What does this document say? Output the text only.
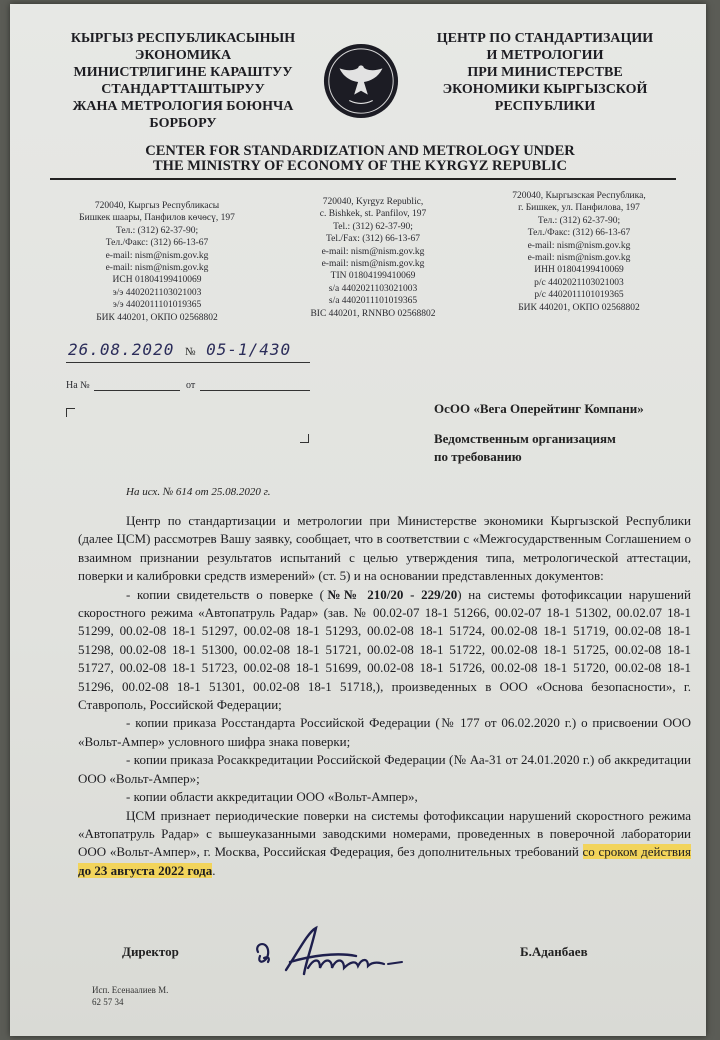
КЫРГЫЗ РЕСПУБЛИКАСЫНЫН
ЭКОНОМИКА
МИНИСТРЛИГИНЕ КАРАШТУУ
СТАНДАРТТАШТЫРУУ
ЖАНА МЕТРОЛОГИЯ БОЮНЧА
БОРБОРУ
ЦЕНТР ПО СТАНДАРТИЗАЦИИ
И МЕТРОЛОГИИ
ПРИ МИНИСТЕРСТВЕ
ЭКОНОМИКИ КЫРГЫЗСКОЙ
РЕСПУБЛИКИ
CENTER FOR STANDARDIZATION AND METROLOGY UNDER
THE MINISTRY OF ECONOMY OF THE KYRGYZ REPUBLIC
720040, Кыргыз Республикасы
Бишкек шаары, Панфилов көчөсү, 197
Тел.: (312) 62-37-90;
Тел./Факс: (312) 66-13-67
e-mail: nism@nism.gov.kg
e-mail: nism@nism.gov.kg
ИСН 01804199410069
э/э 4402021103021003
э/э 4402011101019365
БИК 440201, ОКПО 02568802
720040, Kyrgyz Republic,
c. Bishkek, st. Panfilov, 197
Tel.: (312) 62-37-90;
Tel./Fax: (312) 66-13-67
e-mail: nism@nism.gov.kg
e-mail: nism@nism.gov.kg
TIN 01804199410069
s/a 4402021103021003
s/a 4402011101019365
BIC 440201, RNNBO 02568802
720040, Кыргызская Республика,
г. Бишкек, ул. Панфилова, 197
Тел.: (312) 62-37-90;
Тел./Факс: (312) 66-13-67
e-mail: nism@nism.gov.kg
e-mail: nism@nism.gov.kg
ИНН 01804199410069
р/с 4402021103021003
р/с 4402011101019365
БИК 440201, ОКПО 02568802
26.08.2020 № 05-1/430
На №	от
ОсОО «Вега Оперейтинг Компани»
Ведомственным организациям
по требованию
На исх. № 614 от 25.08.2020 г.

Центр по стандартизации и метрологии при Министерстве экономики Кыргызской Республики (далее ЦСМ) рассмотрев Вашу заявку, сообщает, что в соответствии с «Межгосударственным Соглашением о взаимном признании результатов испытаний с целью утверждения типа, метрологической аттестации, поверки и калибровки средств измерений» (ст. 5) и на основании представленных документов:

- копии свидетельств о поверке (№№ 210/20 - 229/20) на системы фотофиксации нарушений скоростного режима «Автопатруль Радар» (зав. № 00.02-07 18-1 51266, 00.02-07 18-1 51302, 00.02.07 18-1 51299, 00.02-08 18-1 51297, 00.02-08 18-1 51293, 00.02-08 18-1 51724, 00.02-08 18-1 51719, 00.02-08 18-1 51298, 00.02-08 18-1 51300, 00.02-08 18-1 51721, 00.02-08 18-1 51722, 00.02-08 18-1 51725, 00.02-08 18-1 51727, 00.02-08 18-1 51723, 00.02-08 18-1 51699, 00.02-08 18-1 51726, 00.02-08 18-1 51720, 00.02-08 18-1 51296, 00.02-08 18-1 51301, 00.02-08 18-1 51718,), произведенных в ООО «Основа безопасности», г. Ставрополь, Российской Федерации;

- копии приказа Росстандарта Российской Федерации (№ 177 от 06.02.2020 г.) о присвоении ООО «Вольт-Ампер» условного шифра знака поверки;

- копии приказа Росаккредитации Российской Федерации (№ Аа-31 от 24.01.2020 г.) об аккредитации ООО «Вольт-Ампер»;

- копии области аккредитации ООО «Вольт-Ампер»,

ЦСМ признает периодические поверки на системы фотофиксации нарушений скоростного режима «Автопатруль Радар» с вышеуказанными заводскими номерами, проведенных в поверочной лаборатории ООО «Вольт-Ампер», г. Москва, Российская Федерация, без дополнительных требований со сроком действия до 23 августа 2022 года.

Директор	Б.Аданбаев
Исп. Есенаалиев М.
62 57 34
